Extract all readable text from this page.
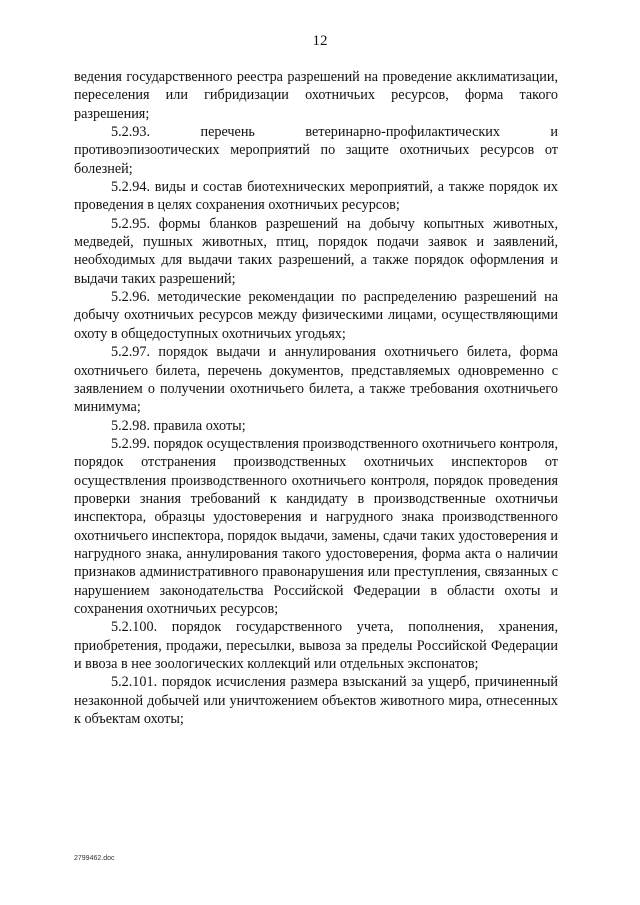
12

ведения государственного реестра разрешений на проведение акклиматизации, переселения или гибридизации охотничьих ресурсов, форма такого разрешения;

5.2.93. перечень ветеринарно-профилактических и противоэпизоотических мероприятий по защите охотничьих ресурсов от болезней;

5.2.94. виды и состав биотехнических мероприятий, а также порядок их проведения в целях сохранения охотничьих ресурсов;

5.2.95. формы бланков разрешений на добычу копытных животных, медведей, пушных животных, птиц, порядок подачи заявок и заявлений, необходимых для выдачи таких разрешений, а также порядок оформления и выдачи таких разрешений;

5.2.96. методические рекомендации по распределению разрешений на добычу охотничьих ресурсов между физическими лицами, осуществляющими охоту в общедоступных охотничьих угодьях;

5.2.97. порядок выдачи и аннулирования охотничьего билета, форма охотничьего билета, перечень документов, представляемых одновременно с заявлением о получении охотничьего билета, а также требования охотничьего минимума;

5.2.98. правила охоты;

5.2.99. порядок осуществления производственного охотничьего контроля, порядок отстранения производственных охотничьих инспекторов от осуществления производственного охотничьего контроля, порядок проведения проверки знания требований к кандидату в производственные охотничьи инспектора, образцы удостоверения и нагрудного знака производственного охотничьего инспектора, порядок выдачи, замены, сдачи таких удостоверения и нагрудного знака, аннулирования такого удостоверения, форма акта о наличии признаков административного правонарушения или преступления, связанных с нарушением законодательства Российской Федерации в области охоты и сохранения охотничьих ресурсов;

5.2.100. порядок государственного учета, пополнения, хранения, приобретения, продажи, пересылки, вывоза за пределы Российской Федерации и ввоза в нее зоологических коллекций или отдельных экспонатов;

5.2.101. порядок исчисления размера взысканий за ущерб, причиненный незаконной добычей или уничтожением объектов животного мира, отнесенных к объектам охоты;

2799462.doc
